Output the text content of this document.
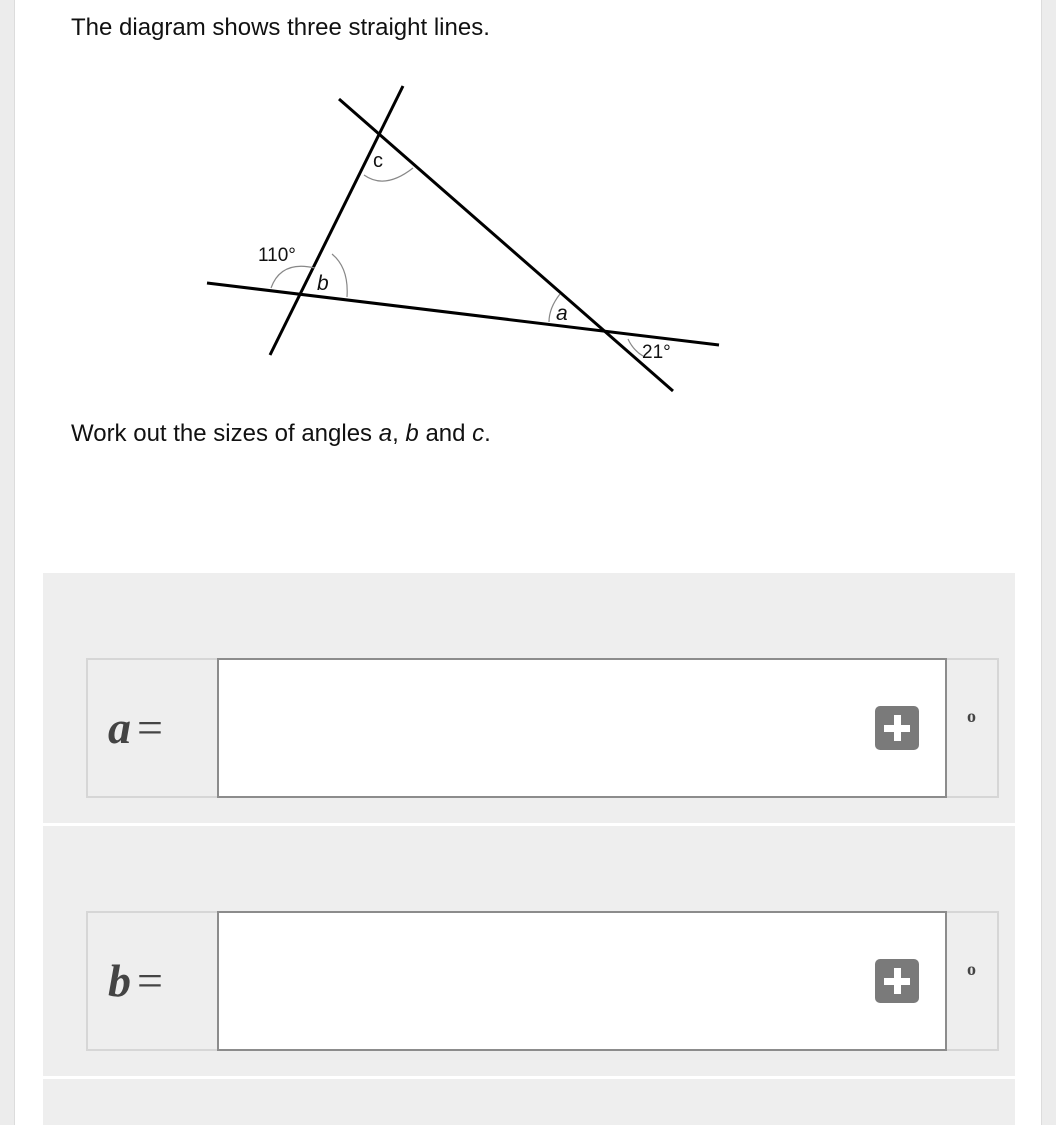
The diagram shows three straight lines.

c
110°
b
a
21°

Work out the sizes of angles a, b and c.

a =	o
b =	o
